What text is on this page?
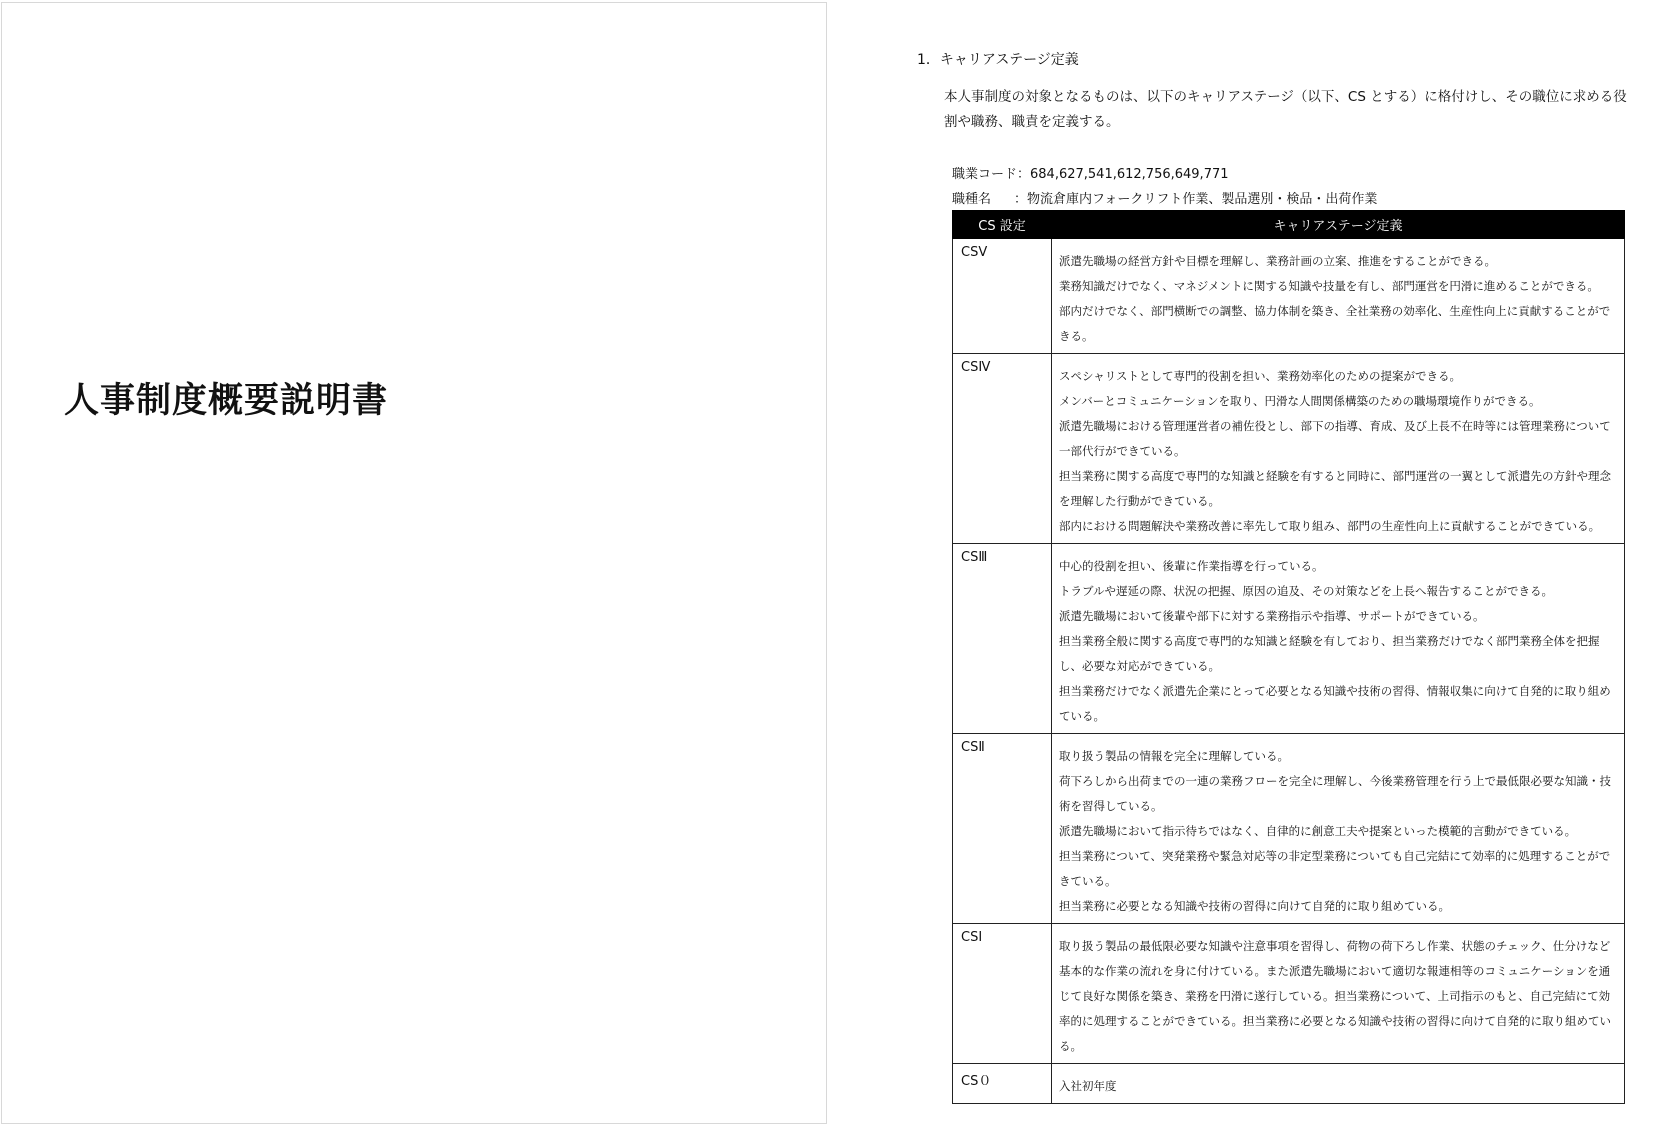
人事制度概要説明書
1．キャリアステージ定義
本人事制度の対象となるものは、以下のキャリアステージ（以下、CS とする）に格付けし、その職位に求める役割や職務、職責を定義する。
職業コード：684,627,541,612,756,649,771
職種名 ：物流倉庫内フォークリフト作業、製品選別・検品・出荷作業
CS 設定	キャリアステージ定義
CSⅤ	派遣先職場の経営方針や目標を理解し、業務計画の立案、推進をすることができる。
業務知識だけでなく、マネジメントに関する知識や技量を有し、部門運営を円滑に進めることができる。
部内だけでなく、部門横断での調整、協力体制を築き、全社業務の効率化、生産性向上に貢献することができる。

CSⅣ	スペシャリストとして専門的役割を担い、業務効率化のための提案ができる。
メンバーとコミュニケーションを取り、円滑な人間関係構築のための職場環境作りができる。
派遣先職場における管理運営者の補佐役とし、部下の指導、育成、及び上長不在時等には管理業務について一部代行ができている。
担当業務に関する高度で専門的な知識と経験を有すると同時に、部門運営の一翼として派遣先の方針や理念を理解した行動ができている。
部内における問題解決や業務改善に率先して取り組み、部門の生産性向上に貢献することができている。

CSⅢ	中心的役割を担い、後輩に作業指導を行っている。
トラブルや遅延の際、状況の把握、原因の追及、その対策などを上長へ報告することができる。
派遣先職場において後輩や部下に対する業務指示や指導、サポートができている。
担当業務全般に関する高度で専門的な知識と経験を有しており、担当業務だけでなく部門業務全体を把握し、必要な対応ができている。
担当業務だけでなく派遣先企業にとって必要となる知識や技術の習得、情報収集に向けて自発的に取り組めている。

CSⅡ	取り扱う製品の情報を完全に理解している。
荷下ろしから出荷までの一連の業務フローを完全に理解し、今後業務管理を行う上で最低限必要な知識・技術を習得している。
派遣先職場において指示待ちではなく、自律的に創意工夫や提案といった模範的言動ができている。
担当業務について、突発業務や緊急対応等の非定型業務についても自己完結にて効率的に処理することができている。
担当業務に必要となる知識や技術の習得に向けて自発的に取り組めている。

CSⅠ	取り扱う製品の最低限必要な知識や注意事項を習得し、荷物の荷下ろし作業、状態のチェック、仕分けなど基本的な作業の流れを身に付けている。また派遣先職場において適切な報連相等のコミュニケーションを通じて良好な関係を築き、業務を円滑に遂行している。担当業務について、上司指示のもと、自己完結にて効率的に処理することができている。担当業務に必要となる知識や技術の習得に向けて自発的に取り組めている。

CS０	入社初年度
